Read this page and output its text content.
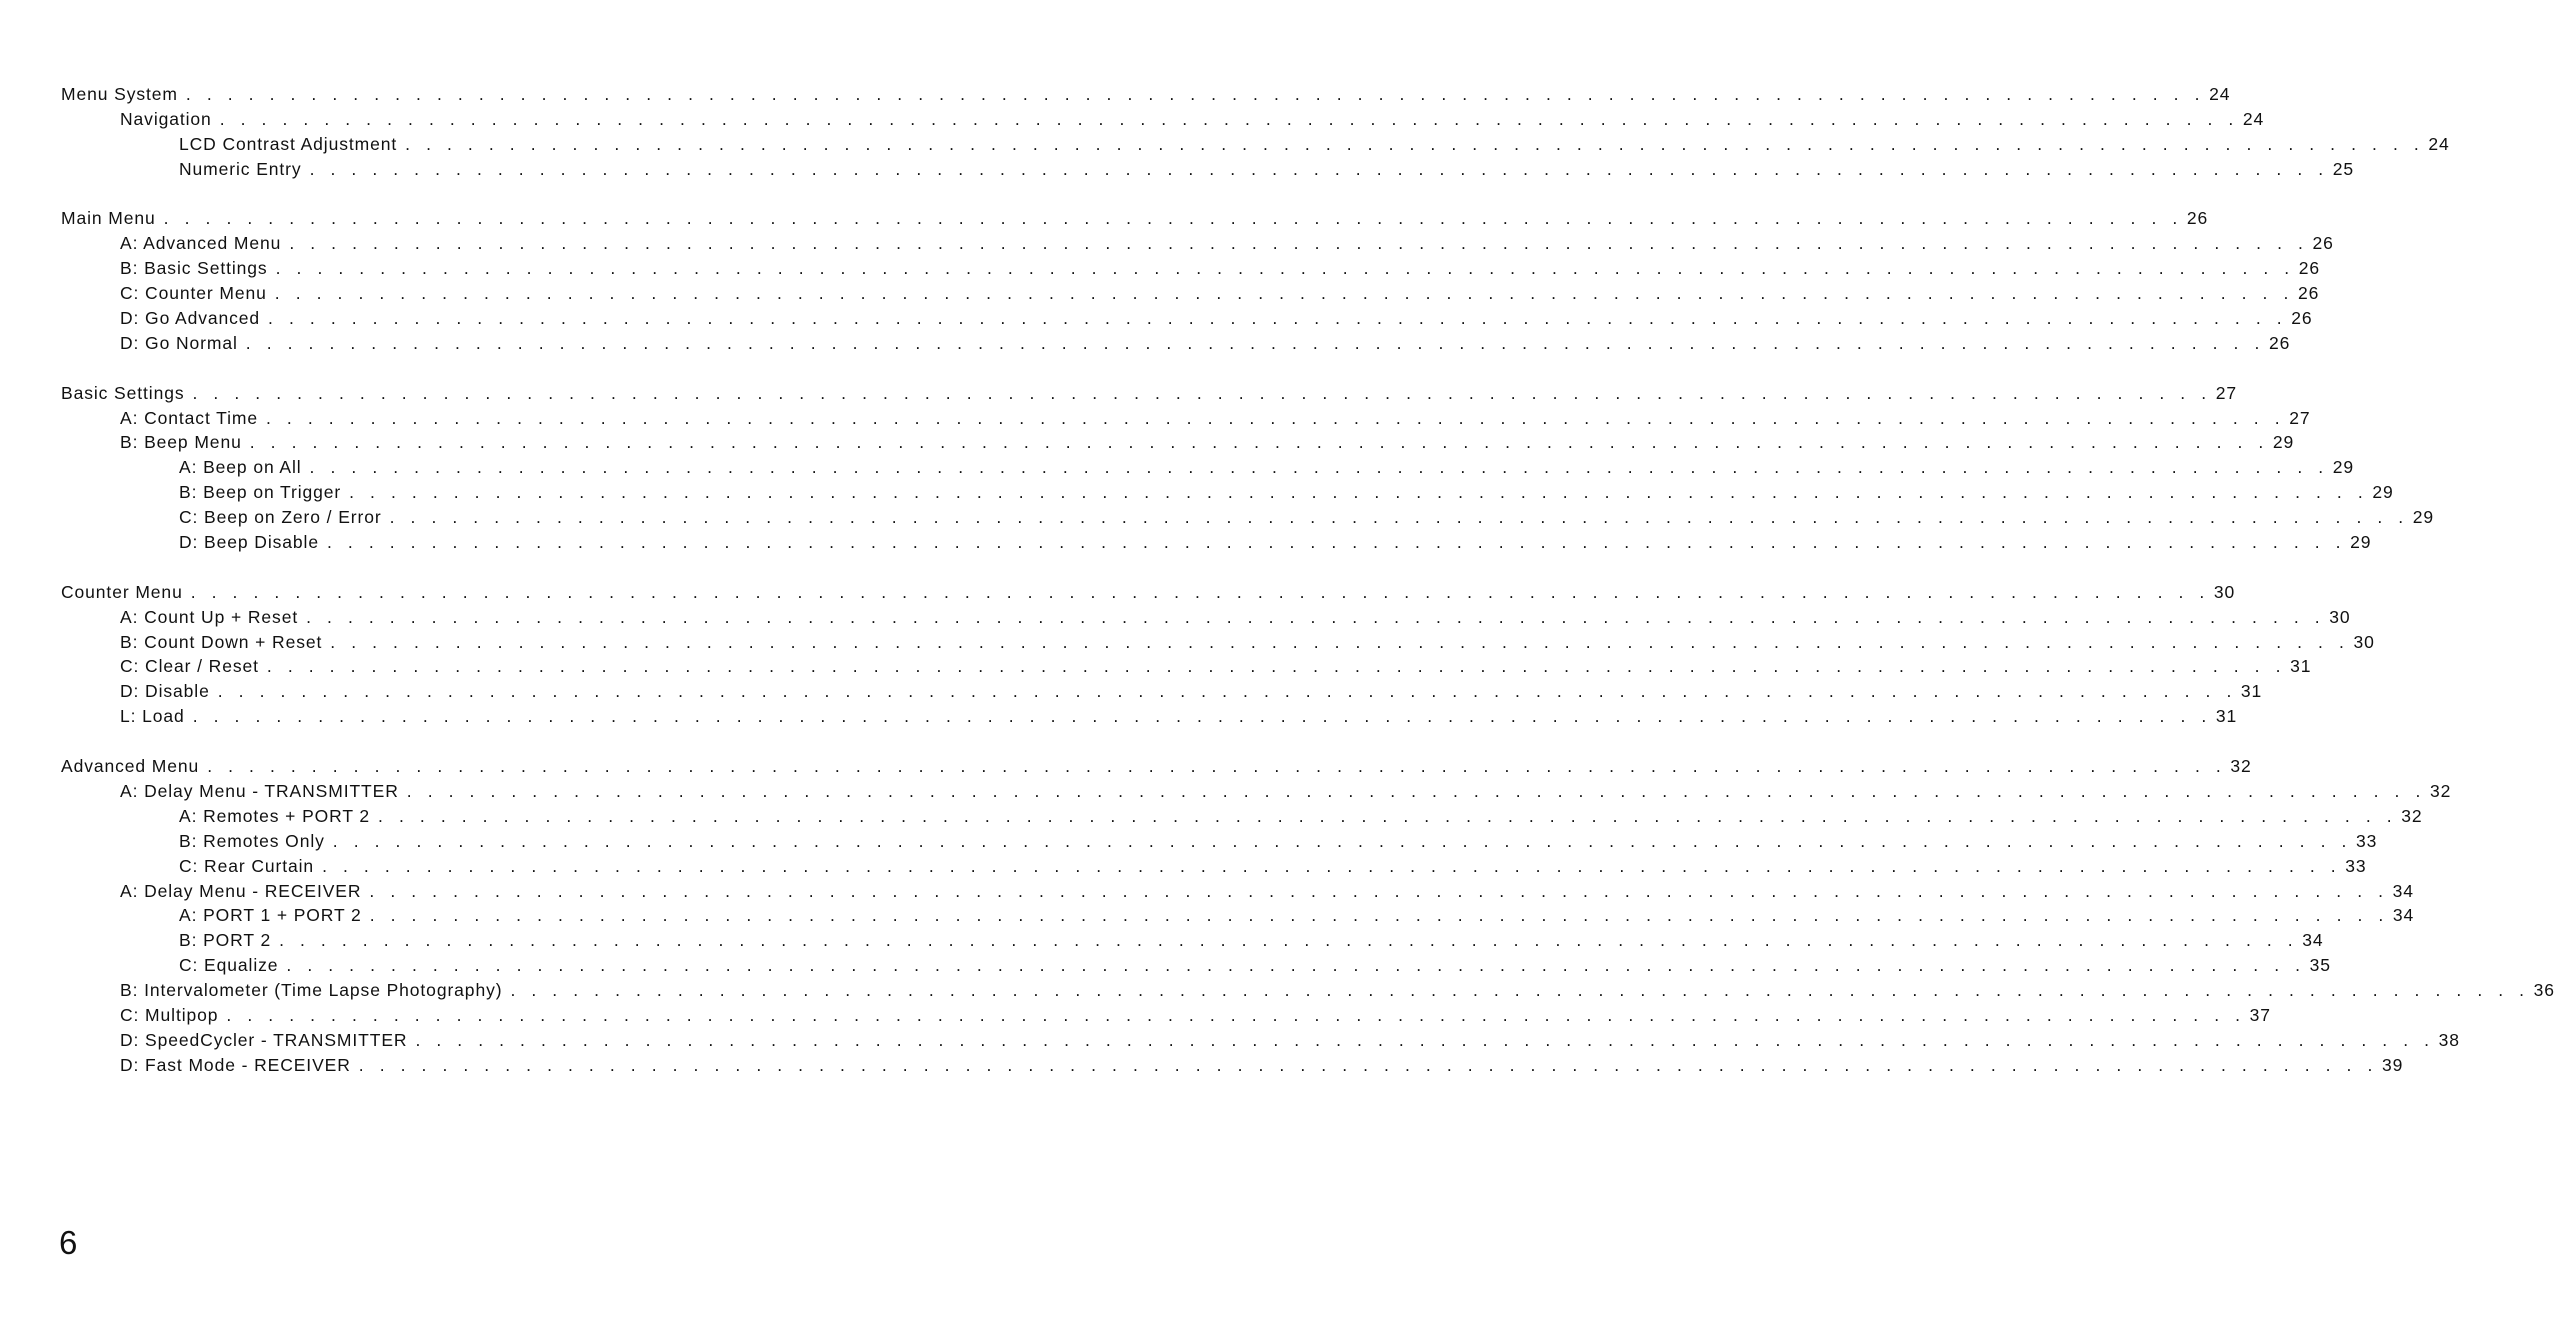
Menu System . . . . . . . . . . . . . . . . . . . . . . . . . . . . . . . . . . . . . . . . . . . . . . . . . . . . . . . . . . . . . . . . . . . . . . . . . . . . . . . . . . . . . . . . . . . . . . . . . 24
Navigation . . . . . . . . . . . . . . . . . . . . . . . . . . . . . . . . . . . . . . . . . . . . . . . . . . . . . . . . . . . . . . . . . . . . . . . . . . . . . . . . . . . . . . . . . . . . . . . . . 24
LCD Contrast Adjustment . . . . . . . . . . . . . . . . . . . . . . . . . . . . . . . . . . . . . . . . . . . . . . . . . . . . . . . . . . . . . . . . . . . . . . . . . . . . . . . . . . . . . . . . . . . . . . . . . 24
Numeric Entry . . . . . . . . . . . . . . . . . . . . . . . . . . . . . . . . . . . . . . . . . . . . . . . . . . . . . . . . . . . . . . . . . . . . . . . . . . . . . . . . . . . . . . . . . . . . . . . . . 25
Main Menu . . . . . . . . . . . . . . . . . . . . . . . . . . . . . . . . . . . . . . . . . . . . . . . . . . . . . . . . . . . . . . . . . . . . . . . . . . . . . . . . . . . . . . . . . . . . . . . . . 26
A: Advanced Menu . . . . . . . . . . . . . . . . . . . . . . . . . . . . . . . . . . . . . . . . . . . . . . . . . . . . . . . . . . . . . . . . . . . . . . . . . . . . . . . . . . . . . . . . . . . . . . . . . 26
B: Basic Settings . . . . . . . . . . . . . . . . . . . . . . . . . . . . . . . . . . . . . . . . . . . . . . . . . . . . . . . . . . . . . . . . . . . . . . . . . . . . . . . . . . . . . . . . . . . . . . . . . 26
C: Counter Menu . . . . . . . . . . . . . . . . . . . . . . . . . . . . . . . . . . . . . . . . . . . . . . . . . . . . . . . . . . . . . . . . . . . . . . . . . . . . . . . . . . . . . . . . . . . . . . . . . 26
D: Go Advanced . . . . . . . . . . . . . . . . . . . . . . . . . . . . . . . . . . . . . . . . . . . . . . . . . . . . . . . . . . . . . . . . . . . . . . . . . . . . . . . . . . . . . . . . . . . . . . . . . 26
D: Go Normal . . . . . . . . . . . . . . . . . . . . . . . . . . . . . . . . . . . . . . . . . . . . . . . . . . . . . . . . . . . . . . . . . . . . . . . . . . . . . . . . . . . . . . . . . . . . . . . . . 26
Basic Settings . . . . . . . . . . . . . . . . . . . . . . . . . . . . . . . . . . . . . . . . . . . . . . . . . . . . . . . . . . . . . . . . . . . . . . . . . . . . . . . . . . . . . . . . . . . . . . . . . 27
A: Contact Time . . . . . . . . . . . . . . . . . . . . . . . . . . . . . . . . . . . . . . . . . . . . . . . . . . . . . . . . . . . . . . . . . . . . . . . . . . . . . . . . . . . . . . . . . . . . . . . . . 27
B: Beep Menu . . . . . . . . . . . . . . . . . . . . . . . . . . . . . . . . . . . . . . . . . . . . . . . . . . . . . . . . . . . . . . . . . . . . . . . . . . . . . . . . . . . . . . . . . . . . . . . . . 29
A: Beep on All . . . . . . . . . . . . . . . . . . . . . . . . . . . . . . . . . . . . . . . . . . . . . . . . . . . . . . . . . . . . . . . . . . . . . . . . . . . . . . . . . . . . . . . . . . . . . . . . . 29
B: Beep on Trigger . . . . . . . . . . . . . . . . . . . . . . . . . . . . . . . . . . . . . . . . . . . . . . . . . . . . . . . . . . . . . . . . . . . . . . . . . . . . . . . . . . . . . . . . . . . . . . . . . 29
C: Beep on Zero / Error . . . . . . . . . . . . . . . . . . . . . . . . . . . . . . . . . . . . . . . . . . . . . . . . . . . . . . . . . . . . . . . . . . . . . . . . . . . . . . . . . . . . . . . . . . . . . . . . . 29
D: Beep Disable . . . . . . . . . . . . . . . . . . . . . . . . . . . . . . . . . . . . . . . . . . . . . . . . . . . . . . . . . . . . . . . . . . . . . . . . . . . . . . . . . . . . . . . . . . . . . . . . . 29
Counter Menu . . . . . . . . . . . . . . . . . . . . . . . . . . . . . . . . . . . . . . . . . . . . . . . . . . . . . . . . . . . . . . . . . . . . . . . . . . . . . . . . . . . . . . . . . . . . . . . . . 30
A: Count Up + Reset . . . . . . . . . . . . . . . . . . . . . . . . . . . . . . . . . . . . . . . . . . . . . . . . . . . . . . . . . . . . . . . . . . . . . . . . . . . . . . . . . . . . . . . . . . . . . . . . . 30
B: Count Down + Reset . . . . . . . . . . . . . . . . . . . . . . . . . . . . . . . . . . . . . . . . . . . . . . . . . . . . . . . . . . . . . . . . . . . . . . . . . . . . . . . . . . . . . . . . . . . . . . . . . 30
C: Clear / Reset . . . . . . . . . . . . . . . . . . . . . . . . . . . . . . . . . . . . . . . . . . . . . . . . . . . . . . . . . . . . . . . . . . . . . . . . . . . . . . . . . . . . . . . . . . . . . . . . . 31
D: Disable . . . . . . . . . . . . . . . . . . . . . . . . . . . . . . . . . . . . . . . . . . . . . . . . . . . . . . . . . . . . . . . . . . . . . . . . . . . . . . . . . . . . . . . . . . . . . . . . . 31
L: Load . . . . . . . . . . . . . . . . . . . . . . . . . . . . . . . . . . . . . . . . . . . . . . . . . . . . . . . . . . . . . . . . . . . . . . . . . . . . . . . . . . . . . . . . . . . . . . . . . 31
Advanced Menu . . . . . . . . . . . . . . . . . . . . . . . . . . . . . . . . . . . . . . . . . . . . . . . . . . . . . . . . . . . . . . . . . . . . . . . . . . . . . . . . . . . . . . . . . . . . . . . . . 32
A: Delay Menu - TRANSMITTER . . . . . . . . . . . . . . . . . . . . . . . . . . . . . . . . . . . . . . . . . . . . . . . . . . . . . . . . . . . . . . . . . . . . . . . . . . . . . . . . . . . . . . . . . . . . . . . . . 32
A: Remotes + PORT 2 . . . . . . . . . . . . . . . . . . . . . . . . . . . . . . . . . . . . . . . . . . . . . . . . . . . . . . . . . . . . . . . . . . . . . . . . . . . . . . . . . . . . . . . . . . . . . . . . . 32
B: Remotes Only . . . . . . . . . . . . . . . . . . . . . . . . . . . . . . . . . . . . . . . . . . . . . . . . . . . . . . . . . . . . . . . . . . . . . . . . . . . . . . . . . . . . . . . . . . . . . . . . . 33
C: Rear Curtain . . . . . . . . . . . . . . . . . . . . . . . . . . . . . . . . . . . . . . . . . . . . . . . . . . . . . . . . . . . . . . . . . . . . . . . . . . . . . . . . . . . . . . . . . . . . . . . . . 33
A: Delay Menu - RECEIVER . . . . . . . . . . . . . . . . . . . . . . . . . . . . . . . . . . . . . . . . . . . . . . . . . . . . . . . . . . . . . . . . . . . . . . . . . . . . . . . . . . . . . . . . . . . . . . . . . 34
A: PORT 1 + PORT 2 . . . . . . . . . . . . . . . . . . . . . . . . . . . . . . . . . . . . . . . . . . . . . . . . . . . . . . . . . . . . . . . . . . . . . . . . . . . . . . . . . . . . . . . . . . . . . . . . . 34
B: PORT 2 . . . . . . . . . . . . . . . . . . . . . . . . . . . . . . . . . . . . . . . . . . . . . . . . . . . . . . . . . . . . . . . . . . . . . . . . . . . . . . . . . . . . . . . . . . . . . . . . . 34
C: Equalize . . . . . . . . . . . . . . . . . . . . . . . . . . . . . . . . . . . . . . . . . . . . . . . . . . . . . . . . . . . . . . . . . . . . . . . . . . . . . . . . . . . . . . . . . . . . . . . . . 35
B: Intervalometer (Time Lapse Photography) . . . . . . . . . . . . . . . . . . . . . . . . . . . . . . . . . . . . . . . . . . . . . . . . . . . . . . . . . . . . . . . . . . . . . . . . . . . . . . . . . . . . . . . . . . . . . . . . . 36
C: Multipop . . . . . . . . . . . . . . . . . . . . . . . . . . . . . . . . . . . . . . . . . . . . . . . . . . . . . . . . . . . . . . . . . . . . . . . . . . . . . . . . . . . . . . . . . . . . . . . . . 37
D: SpeedCycler - TRANSMITTER . . . . . . . . . . . . . . . . . . . . . . . . . . . . . . . . . . . . . . . . . . . . . . . . . . . . . . . . . . . . . . . . . . . . . . . . . . . . . . . . . . . . . . . . . . . . . . . . . 38
D: Fast Mode - RECEIVER . . . . . . . . . . . . . . . . . . . . . . . . . . . . . . . . . . . . . . . . . . . . . . . . . . . . . . . . . . . . . . . . . . . . . . . . . . . . . . . . . . . . . . . . . . . . . . . . . 39
6
